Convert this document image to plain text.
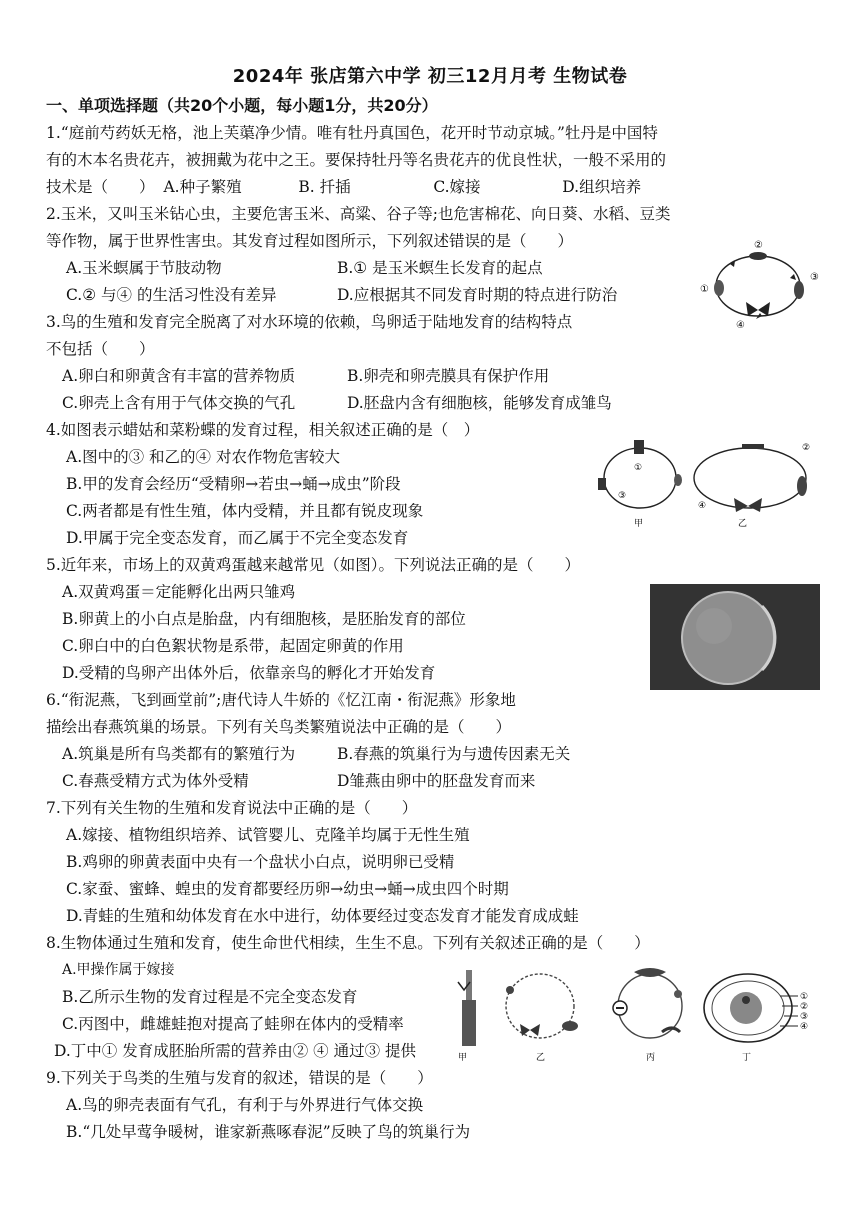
2024年 张店第六中学 初三12月月考 生物试卷
一、单项选择题（共20个小题，每小题1分，共20分）
1.“庭前芍药妖无格，池上芙蕖净少情。唯有牡丹真国色，花开时节动京城。”牡丹是中国特
有的木本名贵花卉，被拥戴为花中之王。要保持牡丹等名贵花卉的优良性状，一般不采用的
技术是（　　） A.种子繁殖	B. 扦插	C.嫁接	D.组织培养
2.玉米，又叫玉米钻心虫，主要危害玉米、高粱、谷子等;也危害棉花、向日葵、水稻、豆类
等作物，属于世界性害虫。其发育过程如图所示，下列叙述错误的是（　　）
A.玉米螟属于节肢动物	B.① 是玉米螟生长发育的起点
C.② 与④ 的生活习性没有差异	D.应根据其不同发育时期的特点进行防治	①
②
③
④
3.鸟的生殖和发育完全脱离了对水环境的依赖，鸟卵适于陆地发育的结构特点
不包括（　　）
A.卵白和卵黄含有丰富的营养物质	B.卵壳和卵壳膜具有保护作用
C.卵壳上含有用于气体交换的气孔	D.胚盘内含有细胞核，能够发育成雏鸟
4.如图表示蜡姑和菜粉蝶的发育过程，相关叙述正确的是（　）
A.图中的③ 和乙的④ 对农作物危害较大
B.甲的发育会经历“受精卵→若虫→蛹→成虫”阶段
C.两者都是有性生殖，体内受精，并且都有锐皮现象
D.甲属于完全变态发育，而乙属于不完全变态发育
①
②
③
④
甲	乙
5.近年来，市场上的双黄鸡蛋越来越常见（如图）。下列说法正确的是（　　）
A.双黄鸡蛋＝定能孵化出两只雏鸡
B.卵黄上的小白点是胎盘，内有细胞核，是胚胎发育的部位
C.卵白中的白色絮状物是系带，起固定卵黄的作用
D.受精的鸟卵产出体外后，依靠亲鸟的孵化才开始发育
6.“衔泥燕，飞到画堂前”;唐代诗人牛娇的《忆江南・衔泥燕》形象地
描绘出春燕筑巢的场景。下列有关鸟类繁殖说法中正确的是（　　）
A.筑巢是所有鸟类都有的繁殖行为	B.春燕的筑巢行为与遗传因素无关
C.春燕受精方式为体外受精	D雏燕由卵中的胚盘发育而来
7.下列有关生物的生殖和发育说法中正确的是（　　）
A.嫁接、植物组织培养、试管婴儿、克隆羊均属于无性生殖
B.鸡卵的卵黄表面中央有一个盘状小白点，说明卵已受精
C.家蚕、蜜蜂、蝗虫的发育都要经历卵→幼虫→蛹→成虫四个时期
D.青蛙的生殖和幼体发育在水中进行，幼体要经过变态发育才能发育成成蛙
8.生物体通过生殖和发育，使生命世代相续，生生不息。下列有关叙述正确的是（　　）
A.甲操作属于嫁接
B.乙所示生物的发育过程是不完全变态发育
C.丙图中，雌雄蛙抱对提高了蛙卵在体内的受精率
D.丁中① 发育成胚胎所需的营养由② ④ 通过③ 提供	甲	乙	丙
①
②
③
④
丁
9.下列关于鸟类的生殖与发育的叙述，错误的是（　　）
A.鸟的卵壳表面有气孔，有利于与外界进行气体交换
B.“几处早莺争暖树，谁家新燕啄春泥”反映了鸟的筑巢行为
